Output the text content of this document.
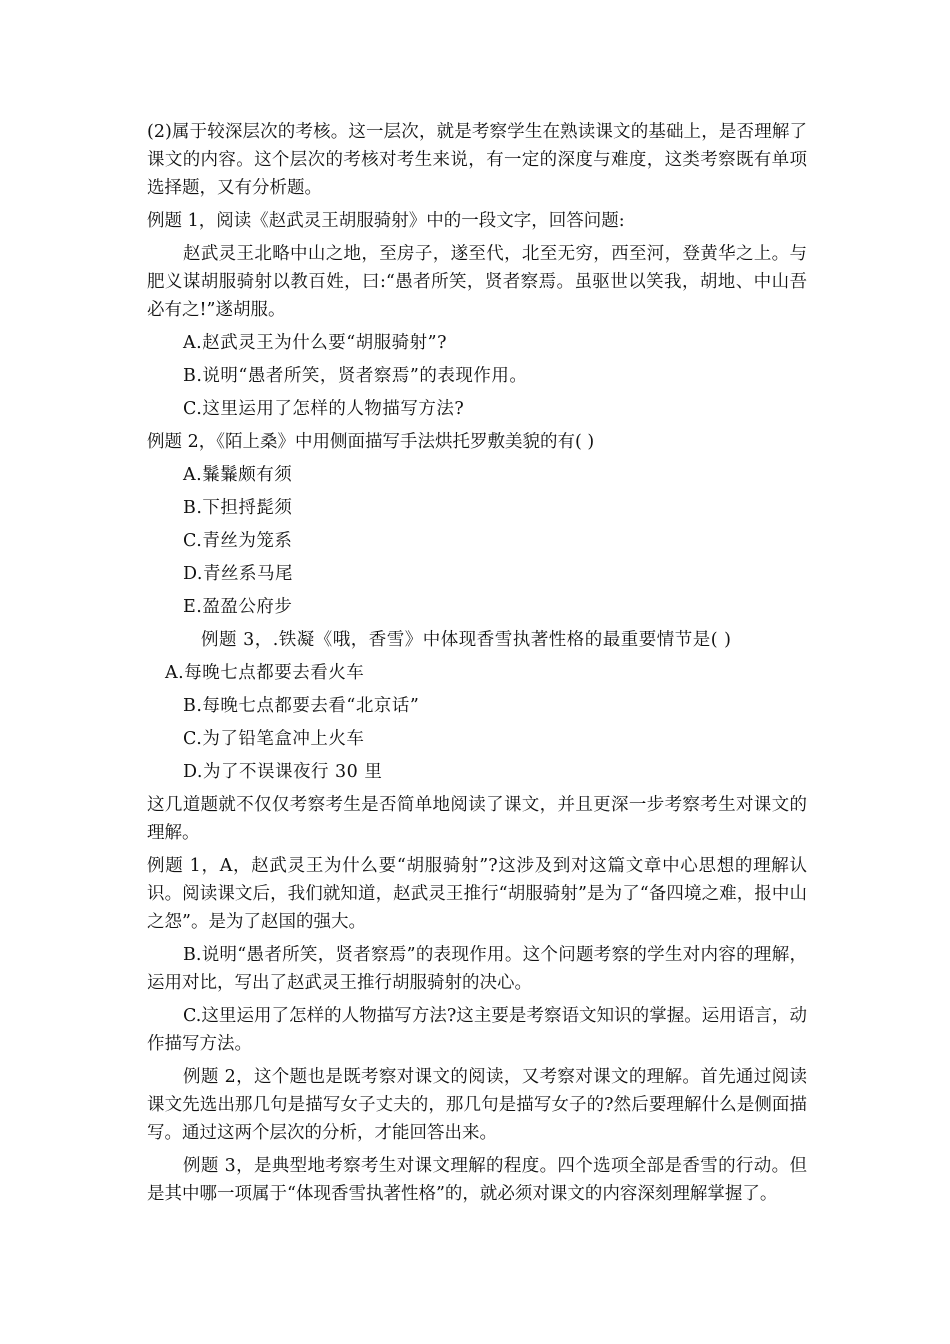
(2)属于较深层次的考核。这一层次，就是考察学生在熟读课文的基础上，是否理解了课文的内容。这个层次的考核对考生来说，有一定的深度与难度，这类考察既有单项选择题，又有分析题。

例题 1，阅读《赵武灵王胡服骑射》中的一段文字，回答问题:

赵武灵王北略中山之地，至房子，遂至代，北至无穷，西至河，登黄华之上。与肥义谋胡服骑射以教百姓，曰:“愚者所笑，贤者察焉。虽驱世以笑我，胡地、中山吾必有之!”遂胡服。

A.赵武灵王为什么要“胡服骑射”?

B.说明“愚者所笑，贤者察焉”的表现作用。

C.这里运用了怎样的人物描写方法?

例题 2，《陌上桑》中用侧面描写手法烘托罗敷美貌的有( )

A.鬑鬑颇有须

B.下担捋髭须

C.青丝为笼系

D.青丝系马尾

E.盈盈公府步

例题 3，.铁凝《哦，香雪》中体现香雪执著性格的最重要情节是( )

A.每晚七点都要去看火车

B.每晚七点都要去看“北京话”

C.为了铅笔盒冲上火车

D.为了不误课夜行 30 里

这几道题就不仅仅考察考生是否简单地阅读了课文，并且更深一步考察考生对课文的理解。

例题 1，A，赵武灵王为什么要“胡服骑射”?这涉及到对这篇文章中心思想的理解认识。阅读课文后，我们就知道，赵武灵王推行“胡服骑射”是为了“备四境之难，报中山之怨”。是为了赵国的强大。

B.说明“愚者所笑，贤者察焉”的表现作用。这个问题考察的学生对内容的理解，运用对比，写出了赵武灵王推行胡服骑射的决心。

C.这里运用了怎样的人物描写方法?这主要是考察语文知识的掌握。运用语言，动作描写方法。

例题 2，这个题也是既考察对课文的阅读，又考察对课文的理解。首先通过阅读课文先选出那几句是描写女子丈夫的，那几句是描写女子的?然后要理解什么是侧面描写。通过这两个层次的分析，才能回答出来。

例题 3，是典型地考察考生对课文理解的程度。四个选项全部是香雪的行动。但是其中哪一项属于“体现香雪执著性格”的，就必须对课文的内容深刻理解掌握了。
